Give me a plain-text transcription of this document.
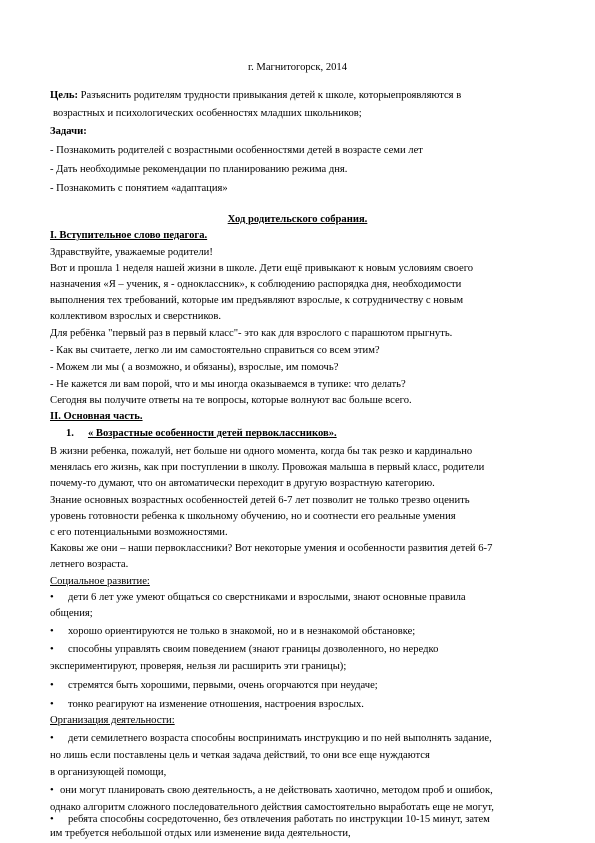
г. Магнитогорск, 2014
Цель: Разъяснить родителям трудности привыкания детей к школе, которыепроявляются в
возрастных и психологических особенностях младших школьников;
Задачи:
- Познакомить родителей с возрастными особенностями детей в возрасте семи лет
- Дать необходимые рекомендации по планированию режима дня.
- Познакомить с понятием «адаптация»
Ход родительского собрания.
I. Вступительное слово педагога.
Здравствуйте, уважаемые родители!
Вот и прошла 1 неделя нашей жизни в школе. Дети ещё привыкают к новым условиям своего
назначения «Я – ученик, я - одноклассник», к соблюдению распорядка дня, необходимости
выполнения тех требований, которые им предъявляют взрослые, к сотрудничеству с новым
коллективом взрослых и сверстников.
Для ребёнка "первый раз в первый класс"- это как для взрослого с парашютом прыгнуть.
- Как вы считаете, легко ли им самостоятельно справиться со всем этим?
- Можем ли мы ( а возможно, и обязаны), взрослые, им помочь?
- Не кажется ли вам порой, что и мы иногда оказываемся в тупике: что делать?
Сегодня вы получите ответы на те вопросы, которые волнуют вас больше всего.
II. Основная часть.
1. « Возрастные особенности детей первоклассников».
В жизни ребенка, пожалуй, нет больше ни одного момента, когда бы так резко и кардинально
менялась его жизнь, как при поступлении в школу. Провожая малыша в первый класс, родители
почему-то думают, что он автоматически переходит в другую возрастную категорию.
Знание основных возрастных особенностей детей 6-7 лет позволит не только трезво оценить
уровень готовности ребенка к школьному обучению, но и соотнести его реальные умения
с его потенциальными возможностями.
Каковы же они – наши первоклассники? Вот некоторые умения и особенности развития детей 6-7
летнего возраста.
Социальное развитие:
• дети 6 лет уже умеют общаться со сверстниками и взрослыми, знают основные правила
общения;
• хорошо ориентируются не только в знакомой, но и в незнакомой обстановке;
• способны управлять своим поведением (знают границы дозволенного, но нередко
экспериментируют, проверяя, нельзя ли расширить эти границы);
• стремятся быть хорошими, первыми, очень огорчаются при неудаче;
• тонко реагируют на изменение отношения, настроения взрослых.
Организация деятельности:
• дети семилетнего возраста способны воспринимать инструкцию и по ней выполнять задание,
но лишь если поставлены цель и четкая задача действий, то они все еще нуждаются
в организующей помощи,
• они могут планировать свою деятельность, а не действовать хаотично, методом проб и ошибок,
однако алгоритм сложного последовательного действия самостоятельно выработать еще не могут,
• ребята способны сосредоточенно, без отвлечения работать по инструкции 10-15 минут, затем
им требуется небольшой отдых или изменение вида деятельности,
